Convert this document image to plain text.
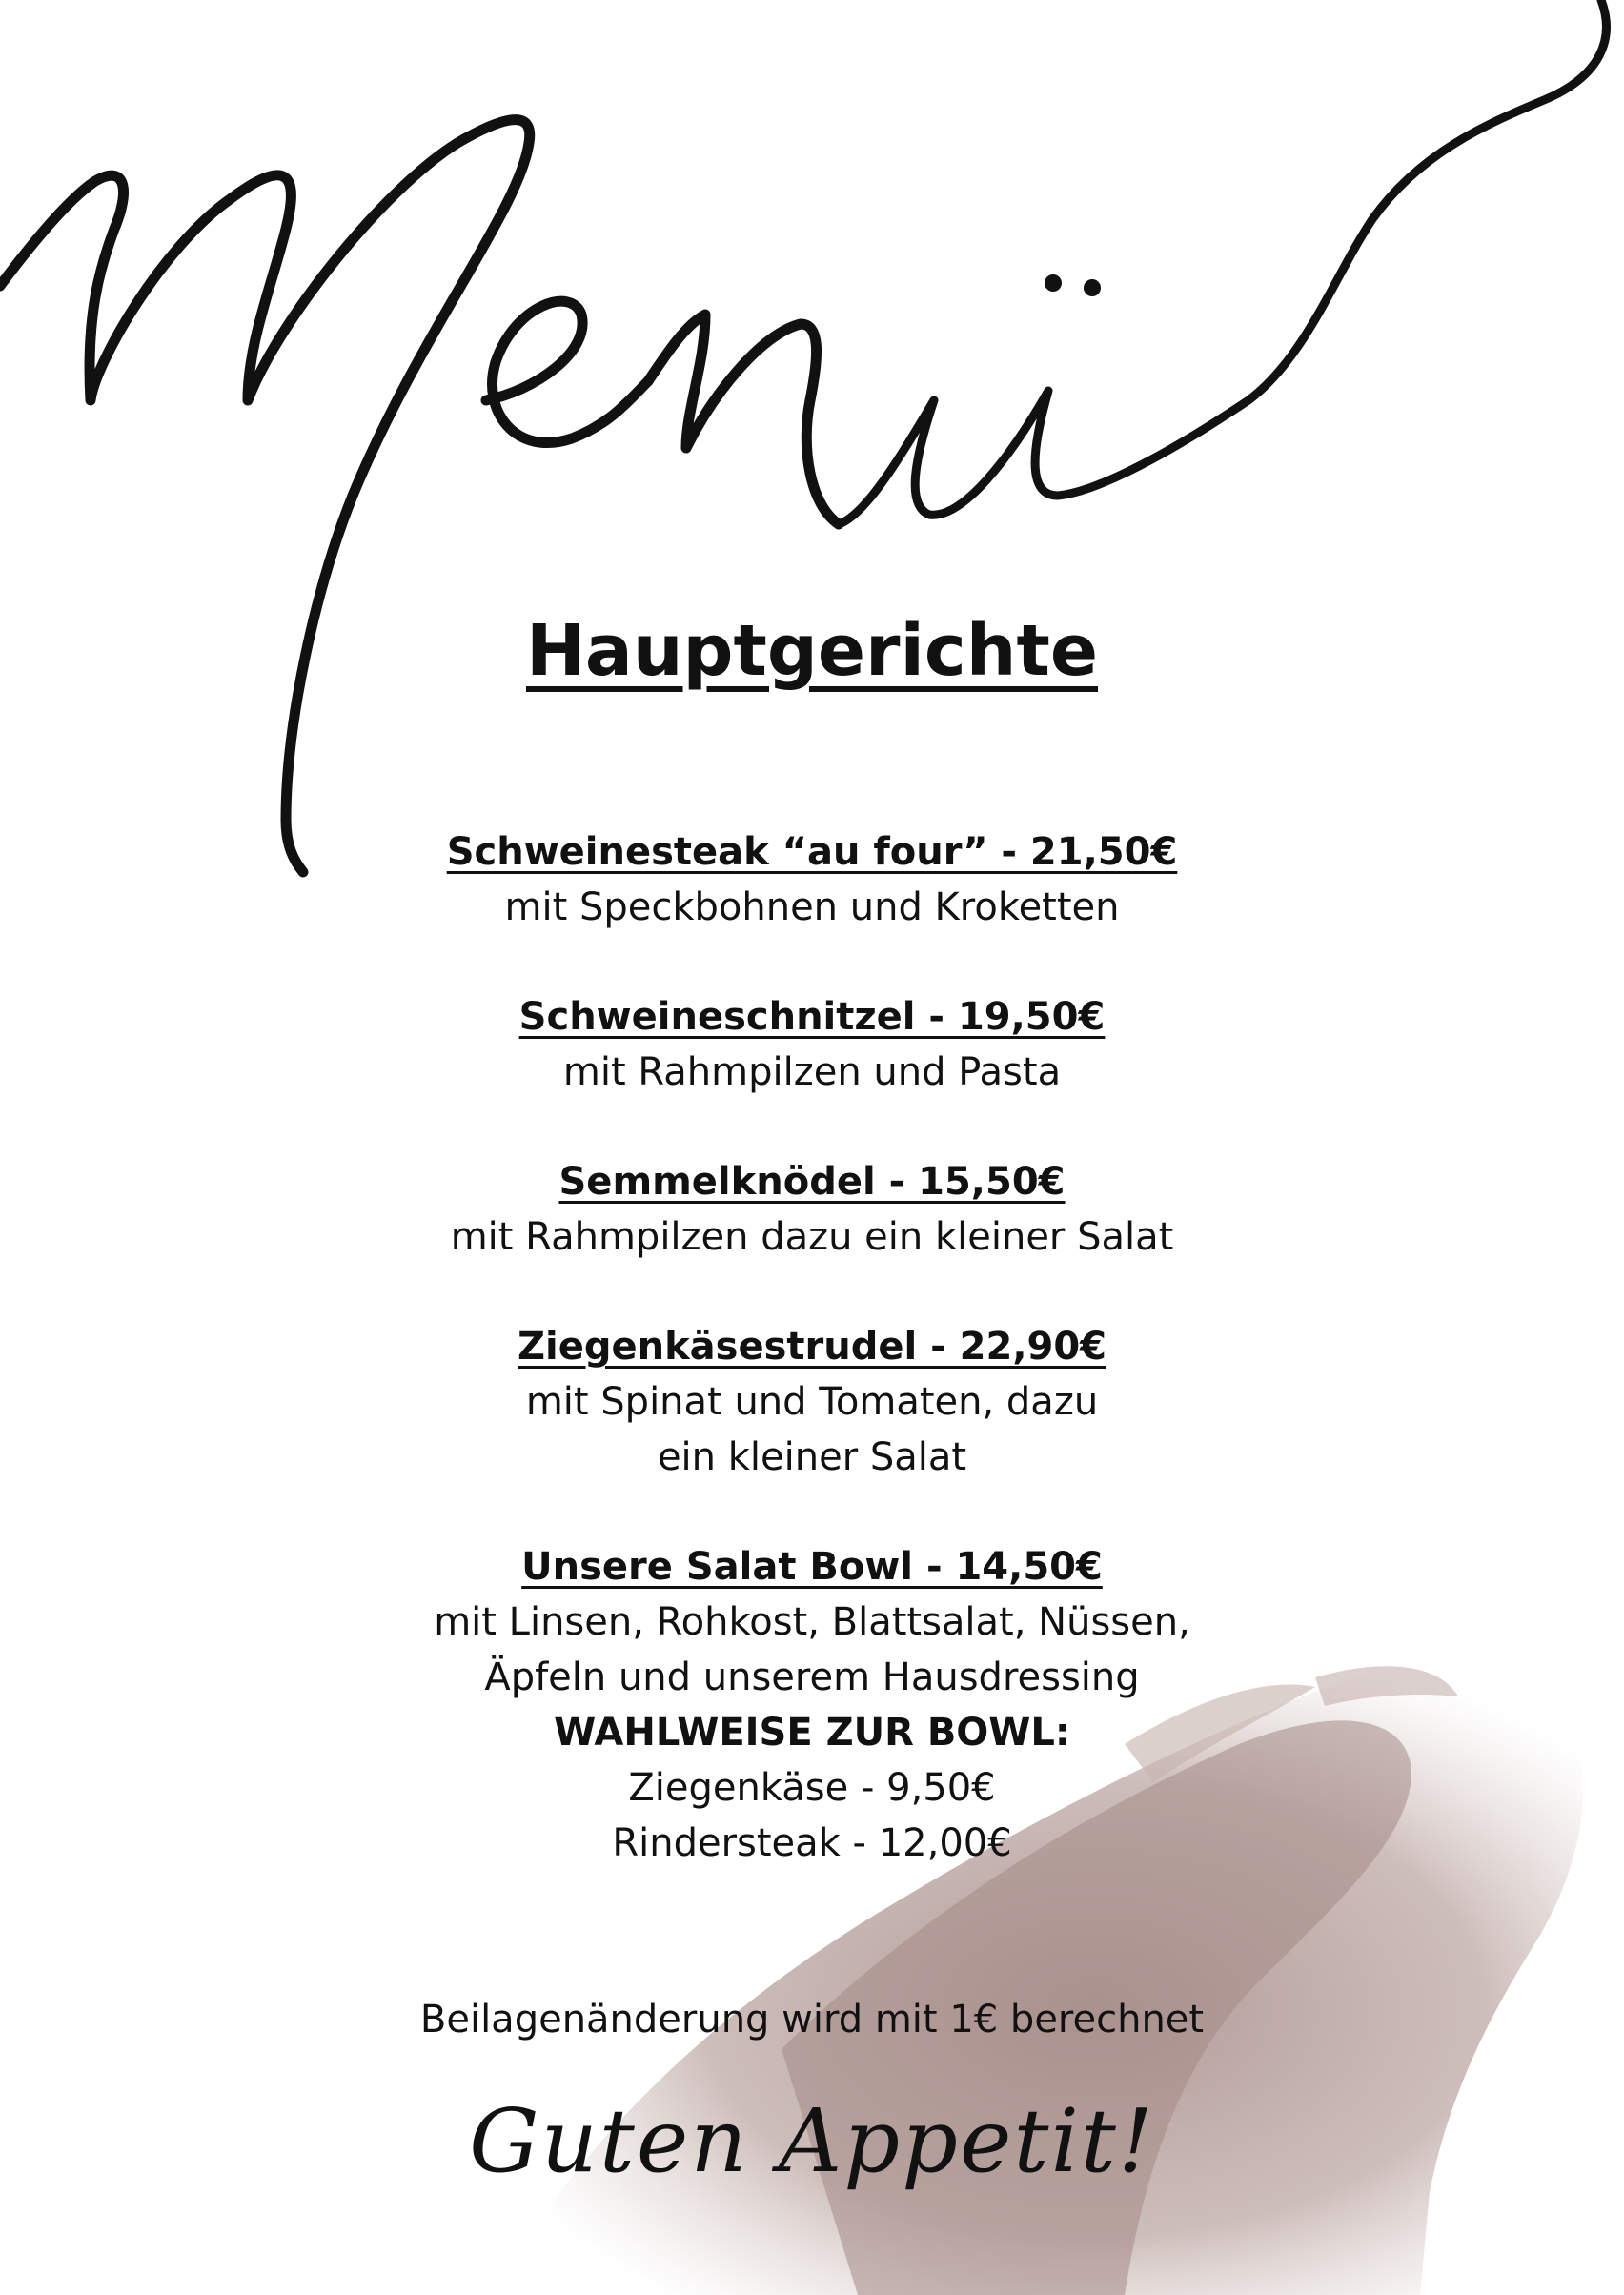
Hauptgerichte
Schweinesteak “au four” - 21,50€
mit Speckbohnen und Kroketten
Schweineschnitzel - 19,50€
mit Rahmpilzen und Pasta
Semmelknödel - 15,50€
mit Rahmpilzen dazu ein kleiner Salat
Ziegenkäsestrudel - 22,90€
mit Spinat und Tomaten, dazu
ein kleiner Salat
Unsere Salat Bowl - 14,50€
mit Linsen, Rohkost, Blattsalat, Nüssen,
Äpfeln und unserem Hausdressing
WAHLWEISE ZUR BOWL:
Ziegenkäse - 9,50€
Rindersteak - 12,00€
Beilagenänderung wird mit 1€ berechnet
Guten Appetit!
